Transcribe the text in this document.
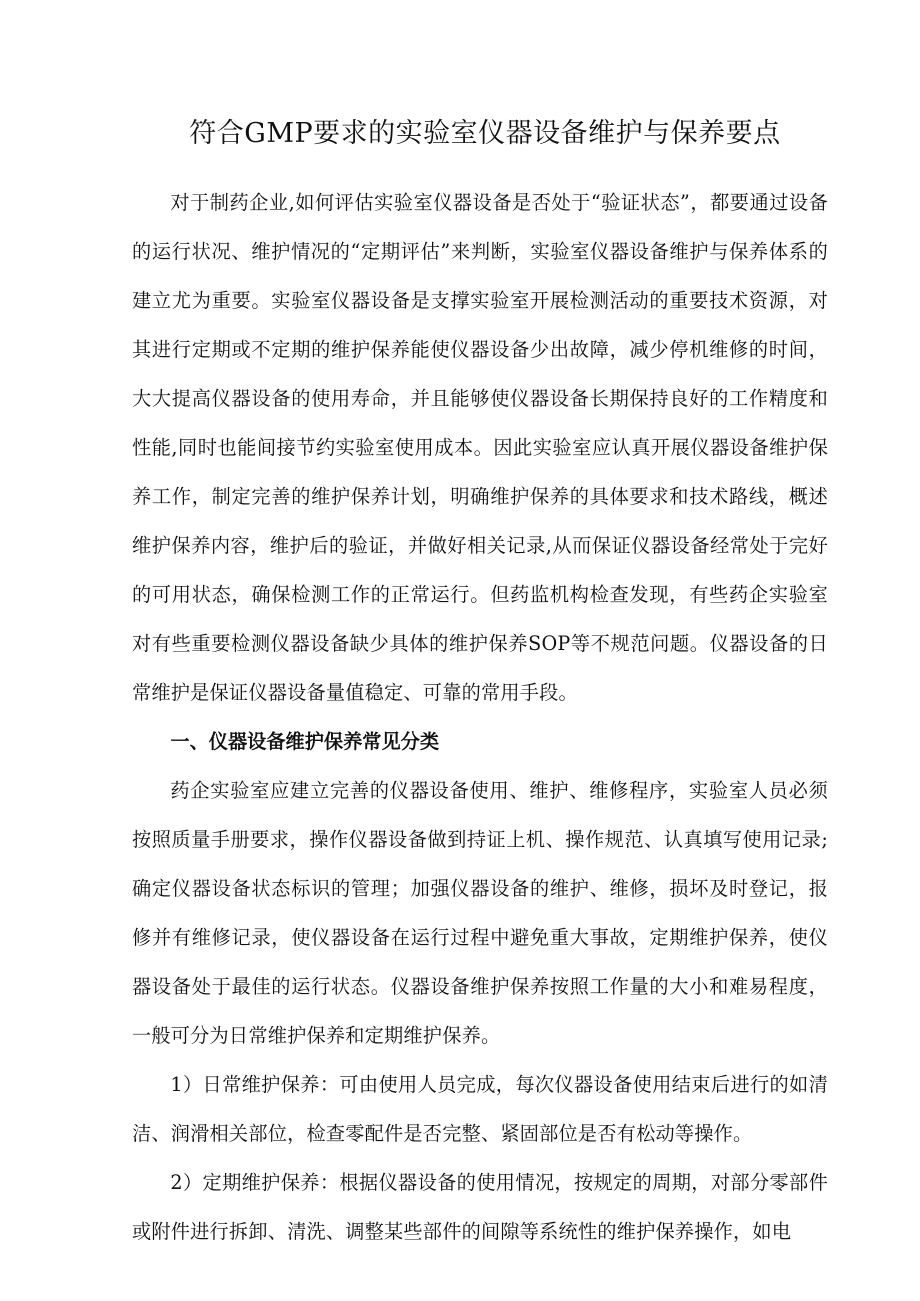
符合GMP要求的实验室仪器设备维护与保养要点

对于制药企业,如何评估实验室仪器设备是否处于“验证状态”，都要通过设备的运行状况、维护情况的“定期评估”来判断，实验室仪器设备维护与保养体系的建立尤为重要。实验室仪器设备是支撑实验室开展检测活动的重要技术资源，对其进行定期或不定期的维护保养能使仪器设备少出故障，减少停机维修的时间，大大提高仪器设备的使用寿命，并且能够使仪器设备长期保持良好的工作精度和性能,同时也能间接节约实验室使用成本。因此实验室应认真开展仪器设备维护保养工作，制定完善的维护保养计划，明确维护保养的具体要求和技术路线，概述维护保养内容，维护后的验证，并做好相关记录,从而保证仪器设备经常处于完好的可用状态，确保检测工作的正常运行。但药监机构检查发现，有些药企实验室对有些重要检测仪器设备缺少具体的维护保养SOP等不规范问题。仪器设备的日常维护是保证仪器设备量值稳定、可靠的常用手段。

一、仪器设备维护保养常见分类

药企实验室应建立完善的仪器设备使用、维护、维修程序，实验室人员必须按照质量手册要求，操作仪器设备做到持证上机、操作规范、认真填写使用记录;确定仪器设备状态标识的管理；加强仪器设备的维护、维修，损坏及时登记，报修并有维修记录，使仪器设备在运行过程中避免重大事故，定期维护保养，使仪器设备处于最佳的运行状态。仪器设备维护保养按照工作量的大小和难易程度，一般可分为日常维护保养和定期维护保养。

1）日常维护保养：可由使用人员完成，每次仪器设备使用结束后进行的如清洁、润滑相关部位，检查零配件是否完整、紧固部位是否有松动等操作。

2）定期维护保养：根据仪器设备的使用情况，按规定的周期，对部分零部件或附件进行拆卸、清洗、调整某些部件的间隙等系统性的维护保养操作，如电
